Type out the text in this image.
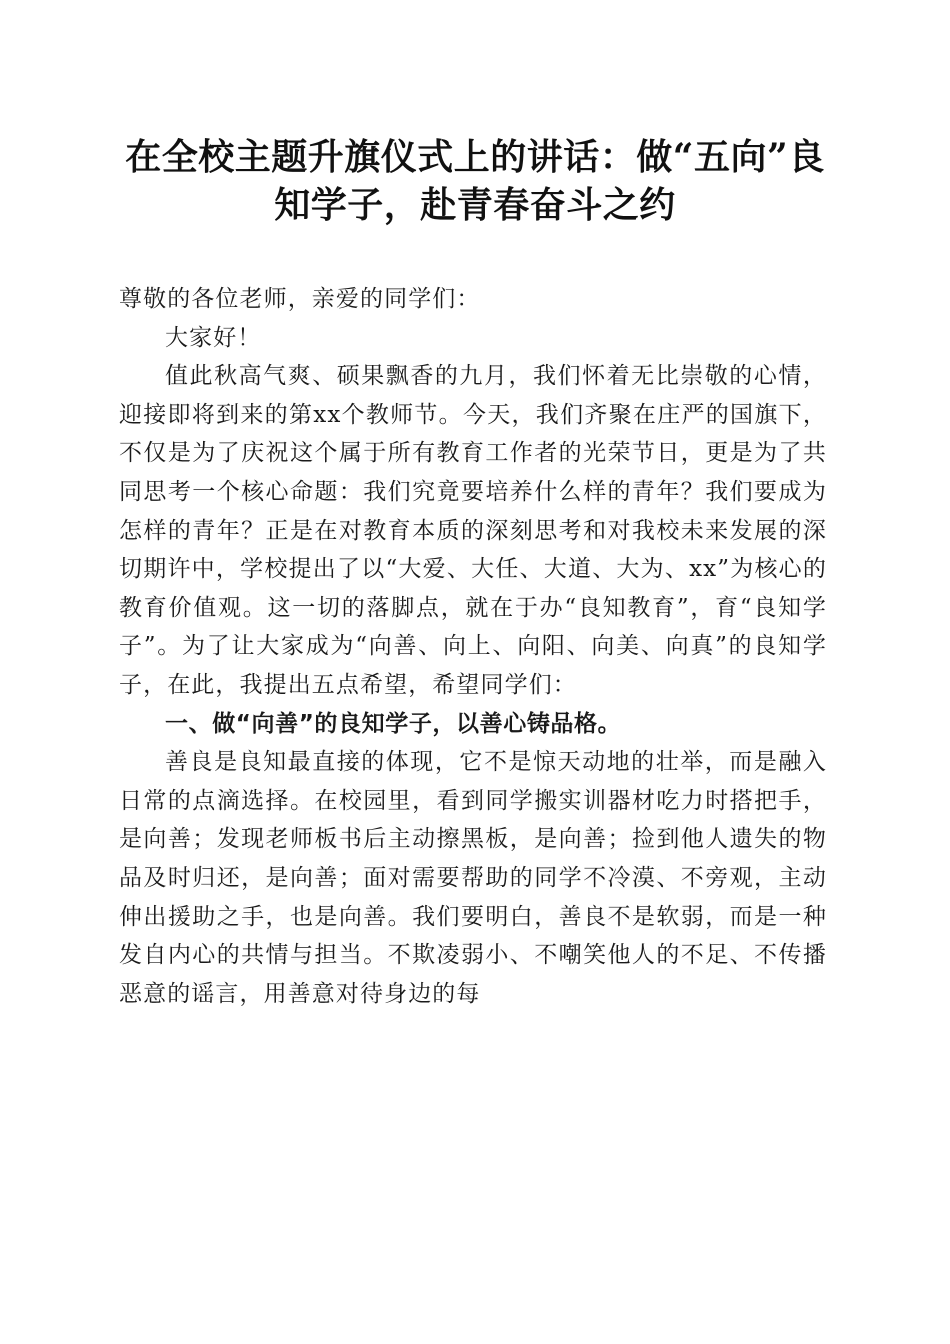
在全校主题升旗仪式上的讲话：做“五向”良
知学子，赴青春奋斗之约

尊敬的各位老师，亲爱的同学们：

大家好！

值此秋高气爽、硕果飘香的九月，我们怀着无比崇敬的心情，迎接即将到来的第xx个教师节。今天，我们齐聚在庄严的国旗下，不仅是为了庆祝这个属于所有教育工作者的光荣节日，更是为了共同思考一个核心命题：我们究竟要培养什么样的青年？我们要成为怎样的青年？正是在对教育本质的深刻思考和对我校未来发展的深切期许中，学校提出了以“大爱、大任、大道、大为、xx”为核心的教育价值观。这一切的落脚点，就在于办“良知教育”，育“良知学子”。为了让大家成为“向善、向上、向阳、向美、向真”的良知学子，在此，我提出五点希望，希望同学们：

一、做“向善”的良知学子，以善心铸品格。

善良是良知最直接的体现，它不是惊天动地的壮举，而是融入日常的点滴选择。在校园里，看到同学搬实训器材吃力时搭把手，是向善；发现老师板书后主动擦黑板，是向善；捡到他人遗失的物品及时归还，是向善；面对需要帮助的同学不冷漠、不旁观，主动伸出援助之手，也是向善。我们要明白，善良不是软弱，而是一种发自内心的共情与担当。不欺凌弱小、不嘲笑他人的不足、不传播恶意的谣言，用善意对待身边的每
